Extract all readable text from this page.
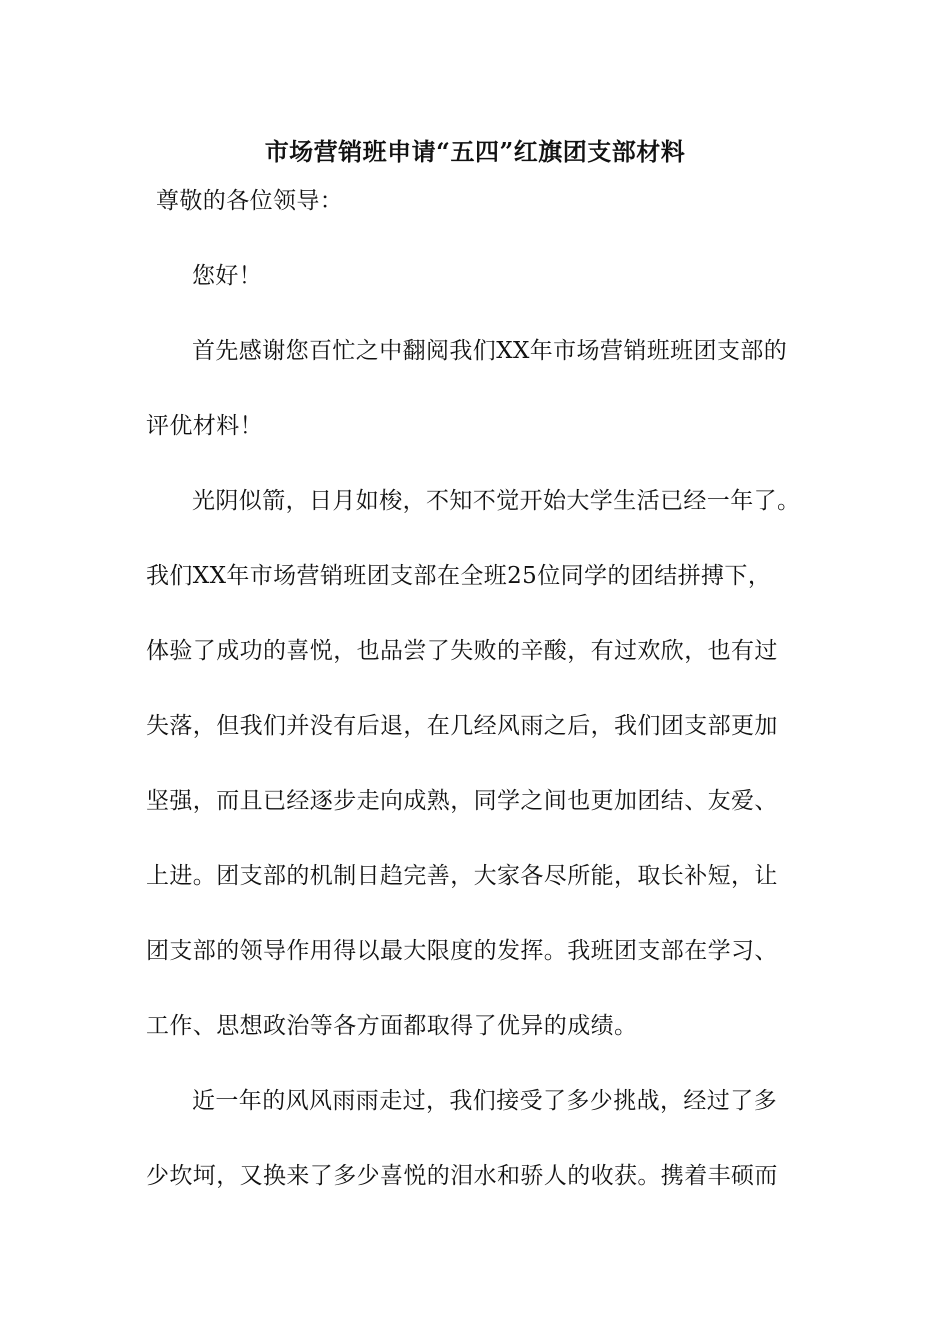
市场营销班申请“五四”红旗团支部材料
尊敬的各位领导：
您好！
首先感谢您百忙之中翻阅我们XX年市场营销班班团支部的
评优材料！
光阴似箭，日月如梭，不知不觉开始大学生活已经一年了。
我们XX年市场营销班团支部在全班25位同学的团结拼搏下，
体验了成功的喜悦，也品尝了失败的辛酸，有过欢欣，也有过
失落，但我们并没有后退，在几经风雨之后，我们团支部更加
坚强，而且已经逐步走向成熟，同学之间也更加团结、友爱、
上进。团支部的机制日趋完善，大家各尽所能，取长补短，让
团支部的领导作用得以最大限度的发挥。我班团支部在学习、
工作、思想政治等各方面都取得了优异的成绩。
近一年的风风雨雨走过，我们接受了多少挑战，经过了多
少坎坷，又换来了多少喜悦的泪水和骄人的收获。携着丰硕而
